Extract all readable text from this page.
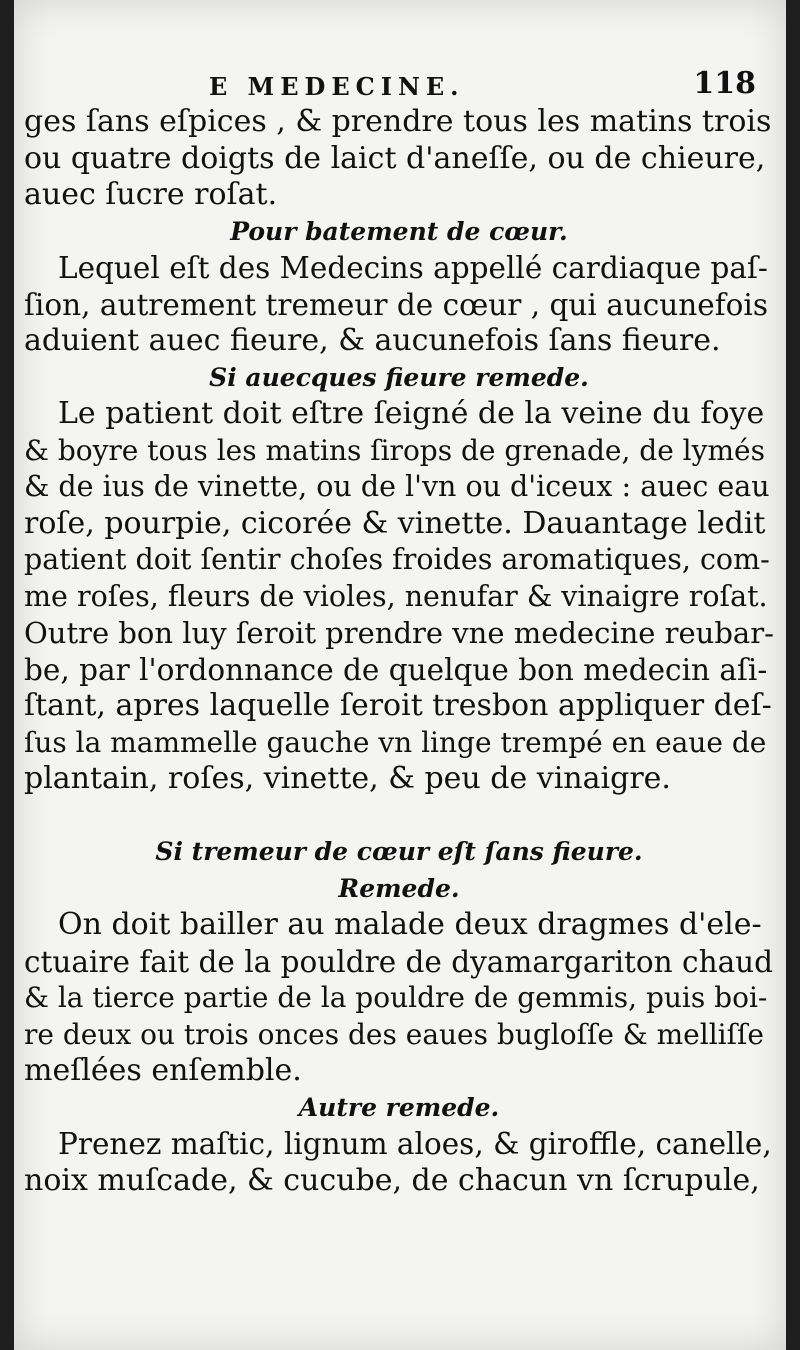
E MEDECINE.	118
ges ſans eſpices , & prendre tous les matins trois
ou quatre doigts de laict d'aneſſe, ou de chieure,
auec ſucre roſat.
Pour batement de cœur.
Lequel eſt des Medecins appellé cardiaque paſ-
ſion, autrement tremeur de cœur , qui aucunefois
aduient auec fieure, & aucunefois ſans fieure.
Si auecques fieure remede.
Le patient doit eſtre ſeigné de la veine du foye
& boyre tous les matins ſirops de grenade, de lymés
& de ius de vinette, ou de l'vn ou d'iceux : auec eau
roſe, pourpie, cicorée & vinette. Dauantage ledit
patient doit ſentir choſes froides aromatiques, com-
me roſes, fleurs de violes, nenufar & vinaigre roſat.
Outre bon luy ſeroit prendre vne medecine reubar-
be, par l'ordonnance de quelque bon medecin aſi-
ſtant, apres laquelle ſeroit tresbon appliquer deſ-
ſus la mammelle gauche vn linge trempé en eaue de
plantain, roſes, vinette, & peu de vinaigre.
Si tremeur de cœur eſt ſans fieure.
Remede.
On doit bailler au malade deux dragmes d'ele-
ctuaire fait de la pouldre de dyamargariton chaud
& la tierce partie de la pouldre de gemmis, puis boi-
re deux ou trois onces des eaues bugloſſe & melliſſe
meſlées enſemble.
Autre remede.
Prenez maſtic, lignum aloes, & giroffle, canelle,
noix muſcade, & cucube, de chacun vn ſcrupule,
